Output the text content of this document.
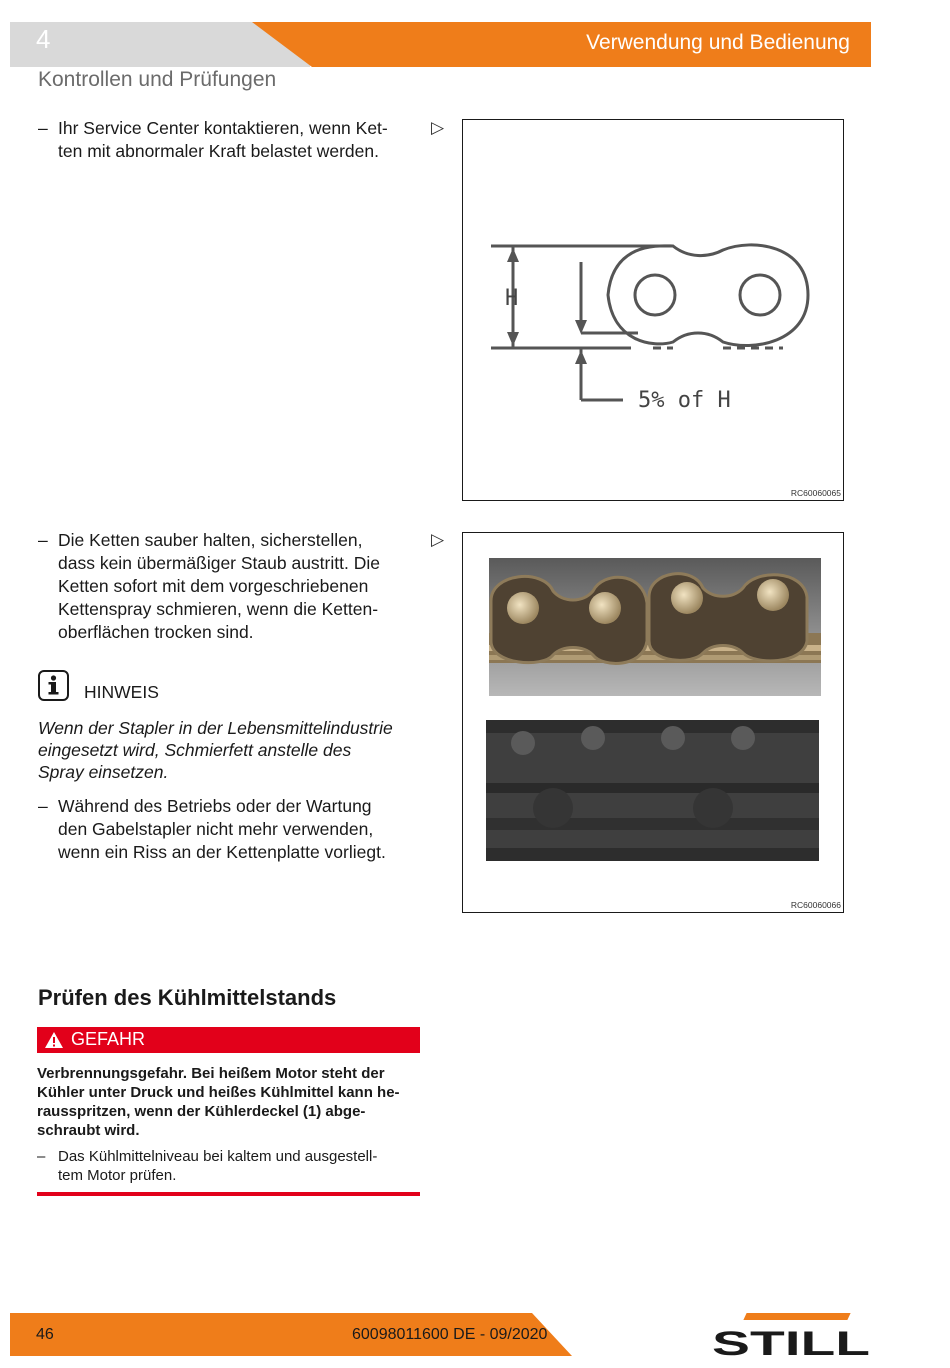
4	Verwendung und Bedienung
Kontrollen und Prüfungen
– Ihr Service Center kontaktieren, wenn Ket-
ten mit abnormaler Kraft belastet werden.
▷
H
5% of H
RC60060065
– Die Ketten sauber halten, sicherstellen,
dass kein übermäßiger Staub austritt. Die
Ketten sofort mit dem vorgeschriebenen
Kettenspray schmieren, wenn die Ketten-
oberflächen trocken sind.
▷
RC60060066
HINWEIS
Wenn der Stapler in der Lebensmittelindustrie
eingesetzt wird, Schmierfett anstelle des
Spray einsetzen.
– Während des Betriebs oder der Wartung
den Gabelstapler nicht mehr verwenden,
wenn ein Riss an der Kettenplatte vorliegt.
Prüfen des Kühlmittelstands
GEFAHR
Verbrennungsgefahr. Bei heißem Motor steht der
Kühler unter Druck und heißes Kühlmittel kann he-
rausspritzen, wenn der Kühlerdeckel (1) abge-
schraubt wird.
– Das Kühlmittelniveau bei kaltem und ausgestell-
tem Motor prüfen.
46	60098011600 DE - 09/2020	STILL
